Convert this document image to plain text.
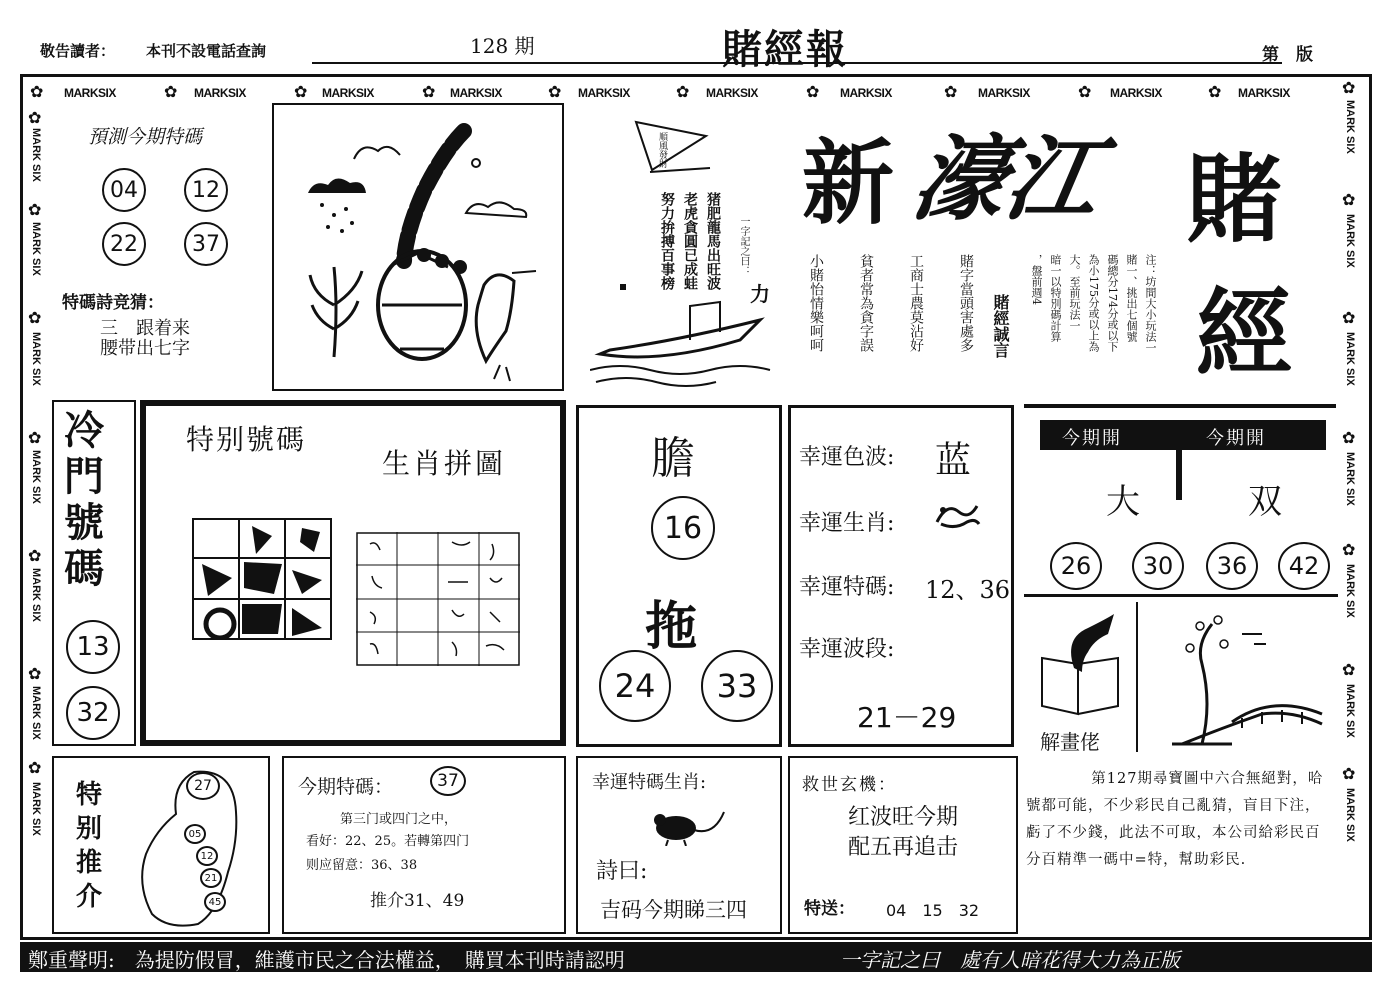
敬告讀者： 本刊不設電話查詢	128 期	賭經報	第　版
✿ MARKSIX	✿ MARKSIX	✿ MARKSIX	✿ MARKSIX	✿ MARKSIX	✿ MARKSIX	✿ MARKSIX	✿ MARKSIX	✿ MARKSIX	✿ MARKSIX
✿
MARK SIX
✿
MARK SIX
✿
MARK SIX
✿
MARK SIX
✿
MARK SIX
✿
MARK SIX
✿
MARK SIX
✿
MARK SIX
✿
MARK SIX
✿
MARK SIX
✿
MARK SIX
✿
MARK SIX
✿
MARK SIX
✿
MARK SIX
預測今期特碼
04	12
22	37
特碼詩竞猜：
三　跟着来
腰带出七字
順風發財
猪肥龍馬出旺波
老虎貪圓已成蛙
努力拚搏百事榜	一字記之曰：
力
新 濠江 賭
經
賭字當頭害處多
工商士農莫沾好
貧者常為貪字誤
小賭怡情樂呵呵	賭經誠言	注：坊間大小玩法一
賭一、挑出七個號
碼總分174分或以下
為小175分或以上為
大。至前玩法一
暗一以特別碼計算
，盤前週4
冷門號碼
13
32
特别號碼
生肖拼圖	膽
16
拖
24	33
幸運色波: 蓝
幸運生肖:
幸運特碼: 12、36
幸運波段:
21－29
今期開	今期開
大	双
26	30	36	42
解畫佬
特别推介
27
05
12
21
45
今期特碼：	37
第三门或四门之中，
看好：22、25。若轉第四门
则应留意：36、38
推介31、49
幸運特碼生肖:
詩曰:
吉码今期睇三四
救世玄機：
红波旺今期
配五再追击
特送： 04　15　32
第127期尋寶圖中六合無絕對，哈號都可能，不少彩民自己亂猜，盲目下注，虧了不少錢，此法不可取，本公司給彩民百分百精準一碼中=特，幫助彩民.
鄭重聲明:　為提防假冒，維護市民之合法權益，　購買本刊時請認明	一字記之曰　處有人暗花得大力為正版
